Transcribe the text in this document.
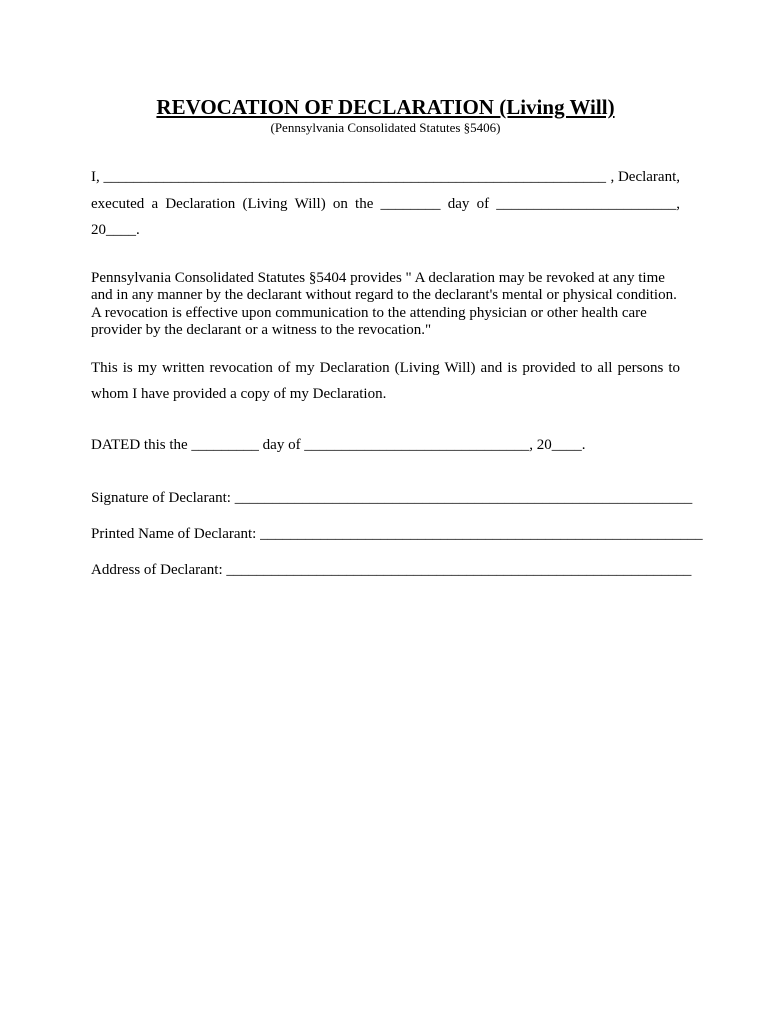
REVOCATION OF DECLARATION (Living Will)

(Pennsylvania Consolidated Statutes §5406)

I, ___________________________________________________________________ , Declarant,
executed a Declaration (Living Will) on the ________ day of ________________________,
20____.

Pennsylvania Consolidated Statutes §5404 provides " A declaration may be revoked at any time and in any manner by the declarant without regard to the declarant's mental or physical condition. A revocation is effective upon communication to the attending physician or other health care provider by the declarant or a witness to the revocation."

This is my written revocation of my Declaration (Living Will) and is provided to all persons to whom I have provided a copy of my Declaration.

DATED this the _________ day of ______________________________, 20____.

Signature of Declarant: _____________________________________________________________
Printed Name of Declarant: ___________________________________________________________
Address of Declarant: ______________________________________________________________
